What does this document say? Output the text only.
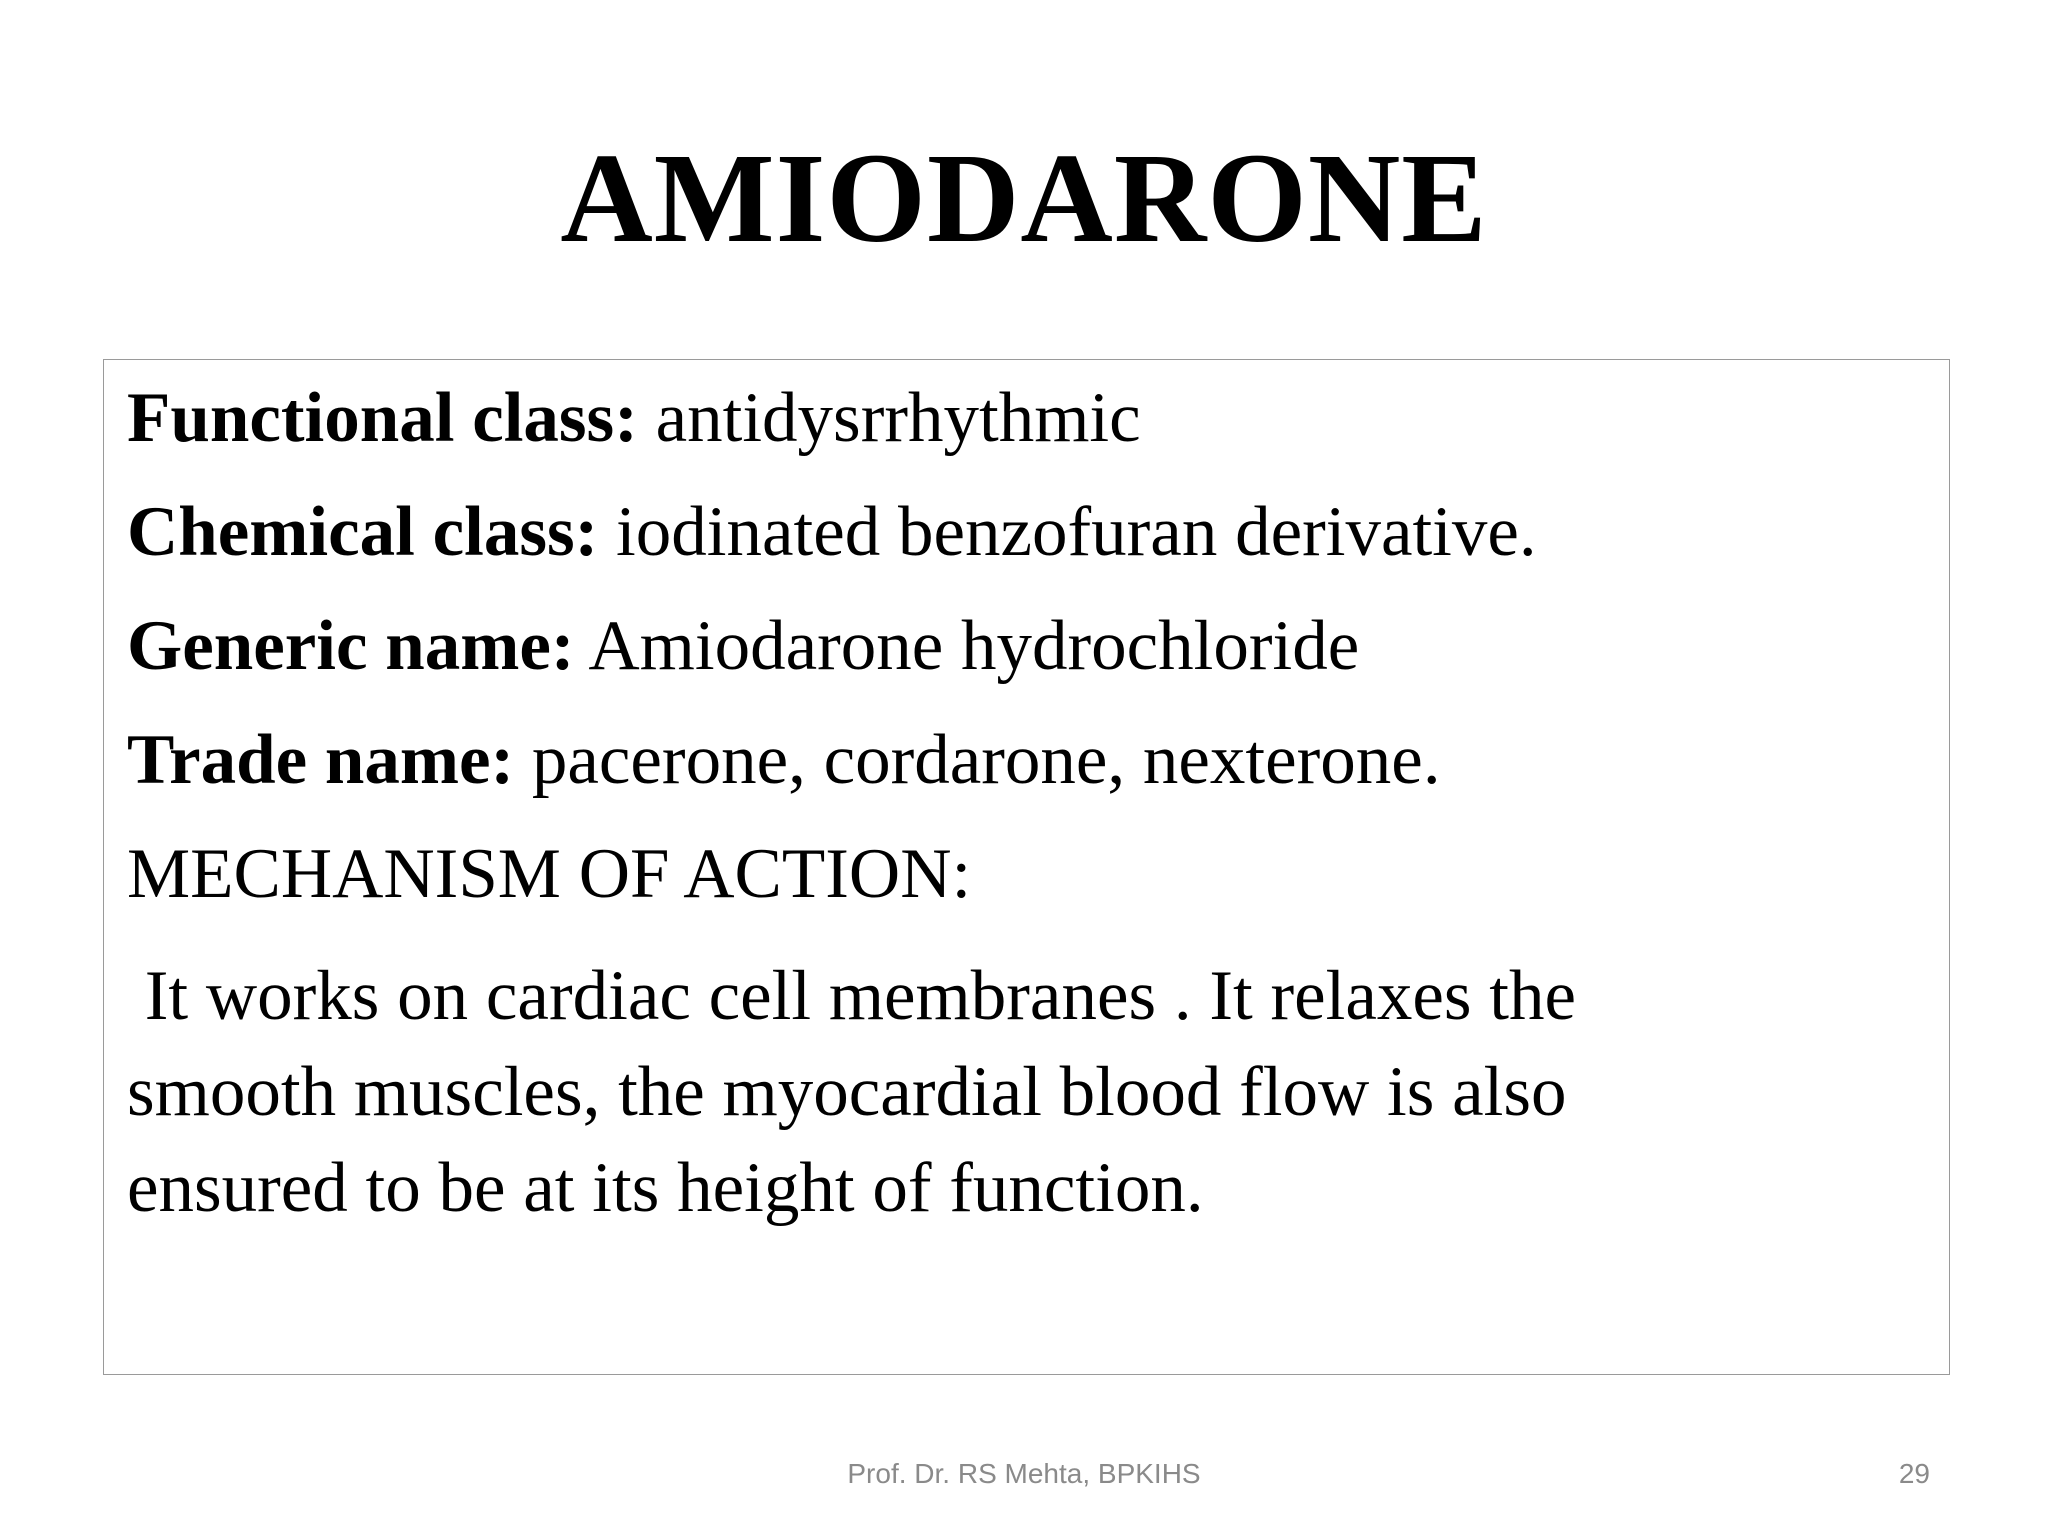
AMIODARONE
Functional class: antidysrrhythmic
Chemical class: iodinated benzofuran derivative.
Generic name: Amiodarone hydrochloride
Trade name: pacerone, cordarone, nexterone.
MECHANISM OF ACTION:
It works on cardiac cell membranes . It relaxes the
smooth muscles, the myocardial blood flow is also
ensured to be at its height of function.
Prof. Dr. RS Mehta, BPKIHS	29
